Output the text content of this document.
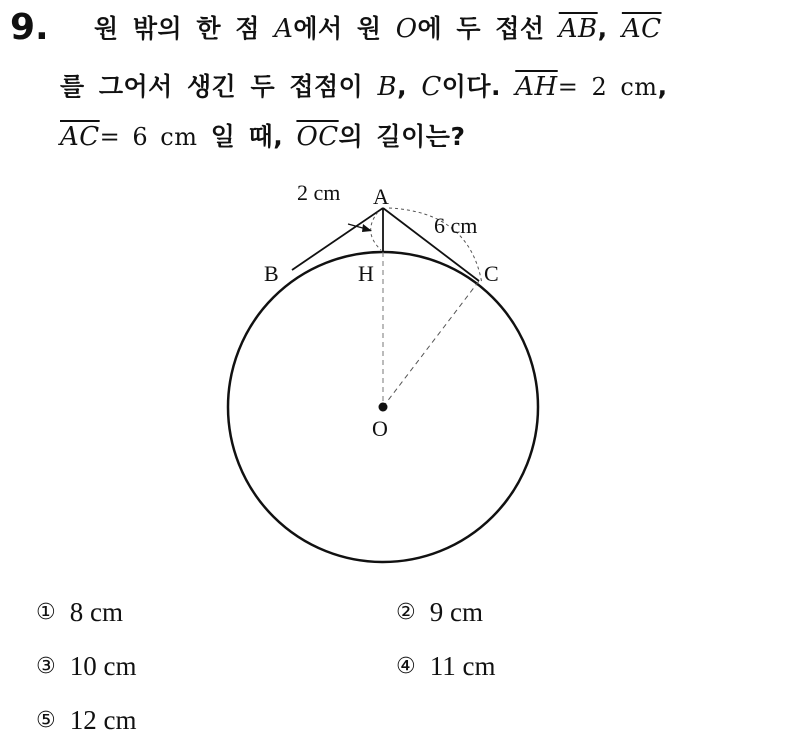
9. 원 밖의 한 점 A에서 원 O에 두 접선 $\overline{AB}$, $\overline{AC}$
를 그어서 생긴 두 접점이 B, C이다. $\overline{AH}= 2$ cm,
$\overline{AC}= 6$ cm 일 때, $\overline{OC}$의 길이는?
A
B	C
H
O
2 cm
6 cm
① 8 cm	② 9 cm
③ 10 cm	④ 11 cm
⑤ 12 cm
